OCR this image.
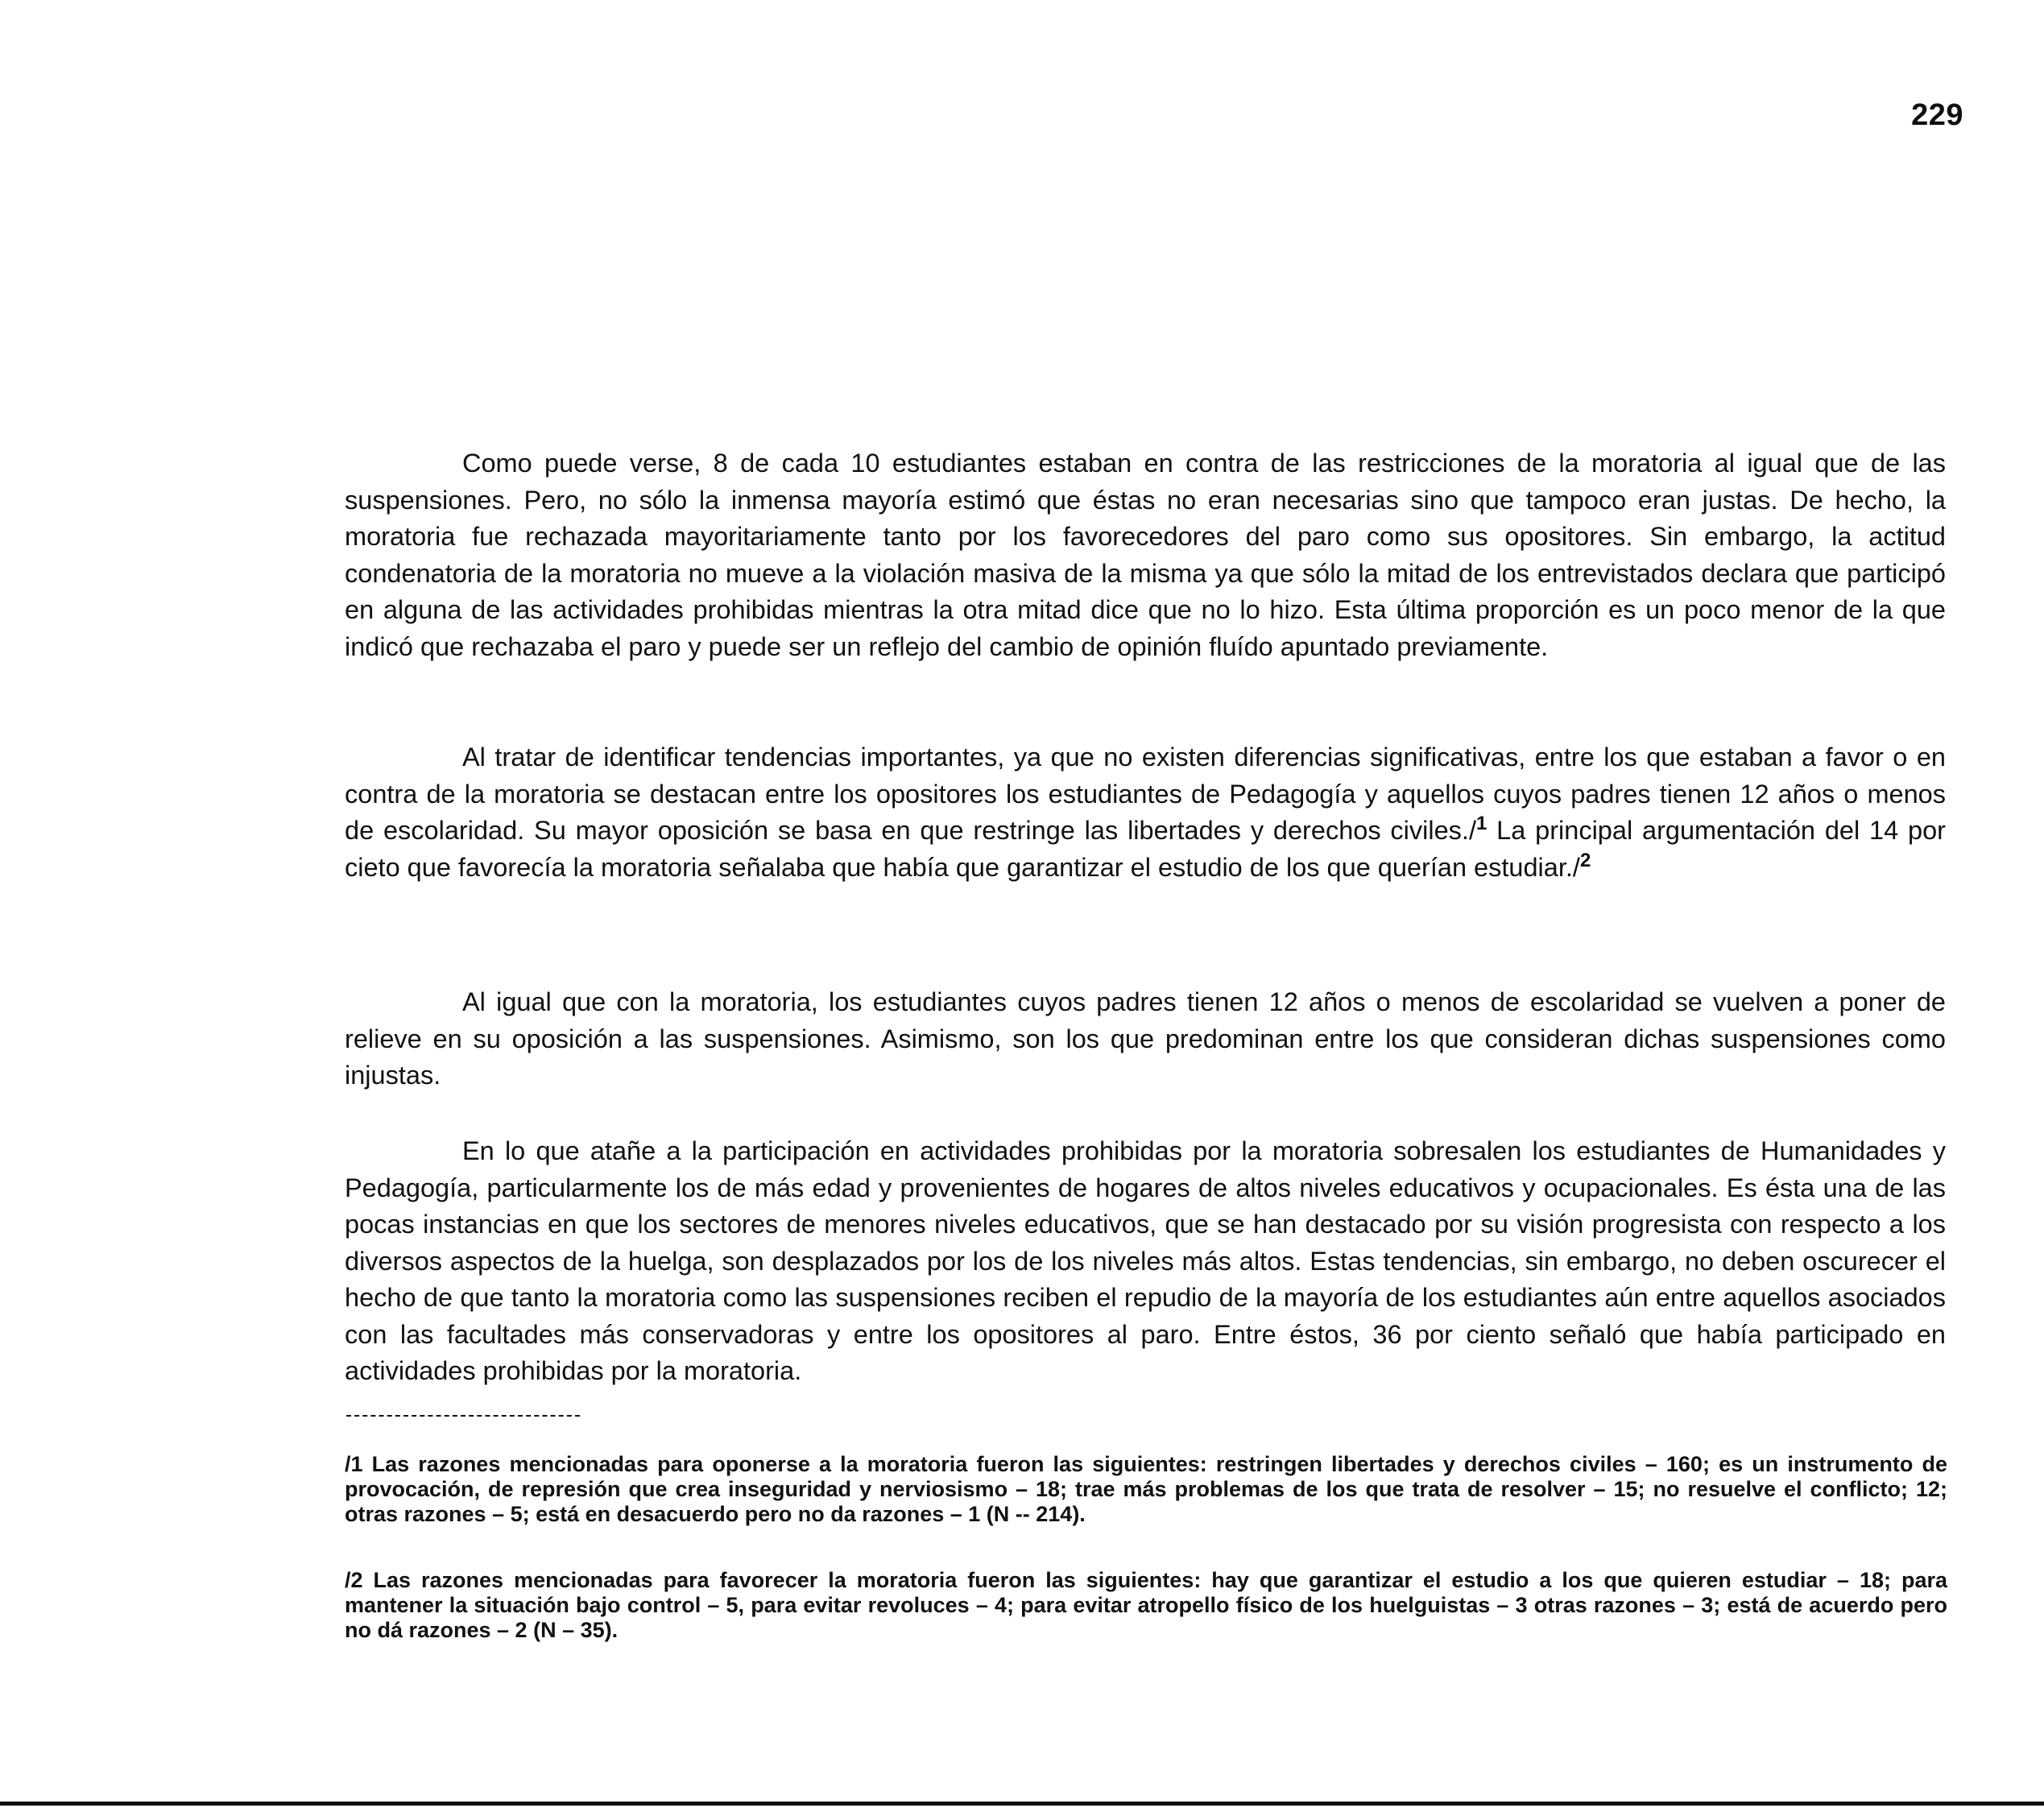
229

Como puede verse, 8 de cada 10 estudiantes estaban en contra de las restricciones de la moratoria al igual que de las suspensiones. Pero, no sólo la inmensa mayoría estimó que éstas no eran necesarias sino que tampoco eran justas. De hecho, la moratoria fue rechazada mayoritariamente tanto por los favorecedores del paro como sus opositores. Sin embargo, la actitud condenatoria de la moratoria no mueve a la violación masiva de la misma ya que sólo la mitad de los entrevistados declara que participó en alguna de las actividades prohibidas mientras la otra mitad dice que no lo hizo. Esta última proporción es un poco menor de la que indicó que rechazaba el paro y puede ser un reflejo del cambio de opinión fluído apuntado previamente.

Al tratar de identificar tendencias importantes, ya que no existen diferencias significativas, entre los que estaban a favor o en contra de la moratoria se destacan entre los opositores los estudiantes de Pedagogía y aquellos cuyos padres tienen 12 años o menos de escolaridad. Su mayor oposición se basa en que restringe las libertades y derechos civiles./$^1$ La principal argumentación del 14 por cieto que favorecía la moratoria señalaba que había que garantizar el estudio de los que querían estudiar./$^2$

Al igual que con la moratoria, los estudiantes cuyos padres tienen 12 años o menos de escolaridad se vuelven a poner de relieve en su oposición a las suspensiones. Asimismo, son los que predominan entre los que consideran dichas suspensiones como injustas.

En lo que atañe a la participación en actividades prohibidas por la moratoria sobresalen los estudiantes de Humanidades y Pedagogía, particularmente los de más edad y provenientes de hogares de altos niveles educativos y ocupacionales. Es ésta una de las pocas instancias en que los sectores de menores niveles educativos, que se han destacado por su visión progresista con respecto a los diversos aspectos de la huelga, son desplazados por los de los niveles más altos. Estas tendencias, sin embargo, no deben oscurecer el hecho de que tanto la moratoria como las suspensiones reciben el repudio de la mayoría de los estudiantes aún entre aquellos asociados con las facultades más conservadoras y entre los opositores al paro. Entre éstos, 36 por ciento señaló que había participado en actividades prohibidas por la moratoria.

/1 Las razones mencionadas para oponerse a la moratoria fueron las siguientes: restringen libertades y derechos civiles – 160; es un instrumento de provocación, de represión que crea inseguridad y nerviosismo – 18; trae más problemas de los que trata de resolver – 15; no resuelve el conflicto; 12; otras razones – 5; está en desacuerdo pero no da razones – 1 (N -- 214).

/2 Las razones mencionadas para favorecer la moratoria fueron las siguientes: hay que garantizar el estudio a los que quieren estudiar – 18; para mantener la situación bajo control – 5, para evitar revoluces – 4; para evitar atropello físico de los huelguistas – 3 otras razones – 3; está de acuerdo pero no dá razones – 2 (N – 35).
